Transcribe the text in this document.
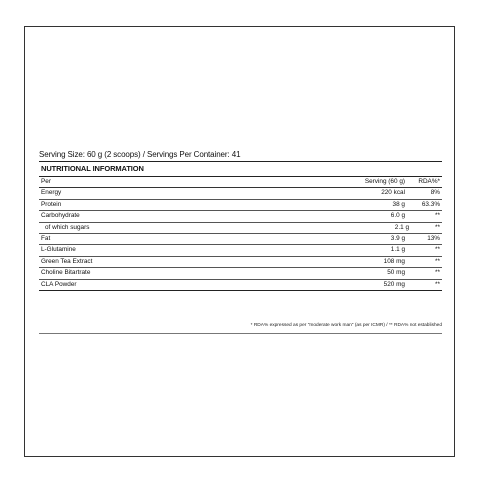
Serving Size: 60 g (2 scoops) / Servings Per Container: 41
NUTRITIONAL INFORMATION
Per	Serving (60 g)	RDA%*
Energy	220 kcal	8%
Protein	38 g	63.3%
Carbohydrate	6.0 g	**
of which sugars	2.1 g	**
Fat	3.9 g	13%
L-Glutamine	1.1 g	**
Green Tea Extract	108 mg	**
Choline Bitartrate	50 mg	**
CLA Powder	520 mg	**
* RDA% expressed as per "moderate work man" (as per ICMR) / ** RDA% not established
